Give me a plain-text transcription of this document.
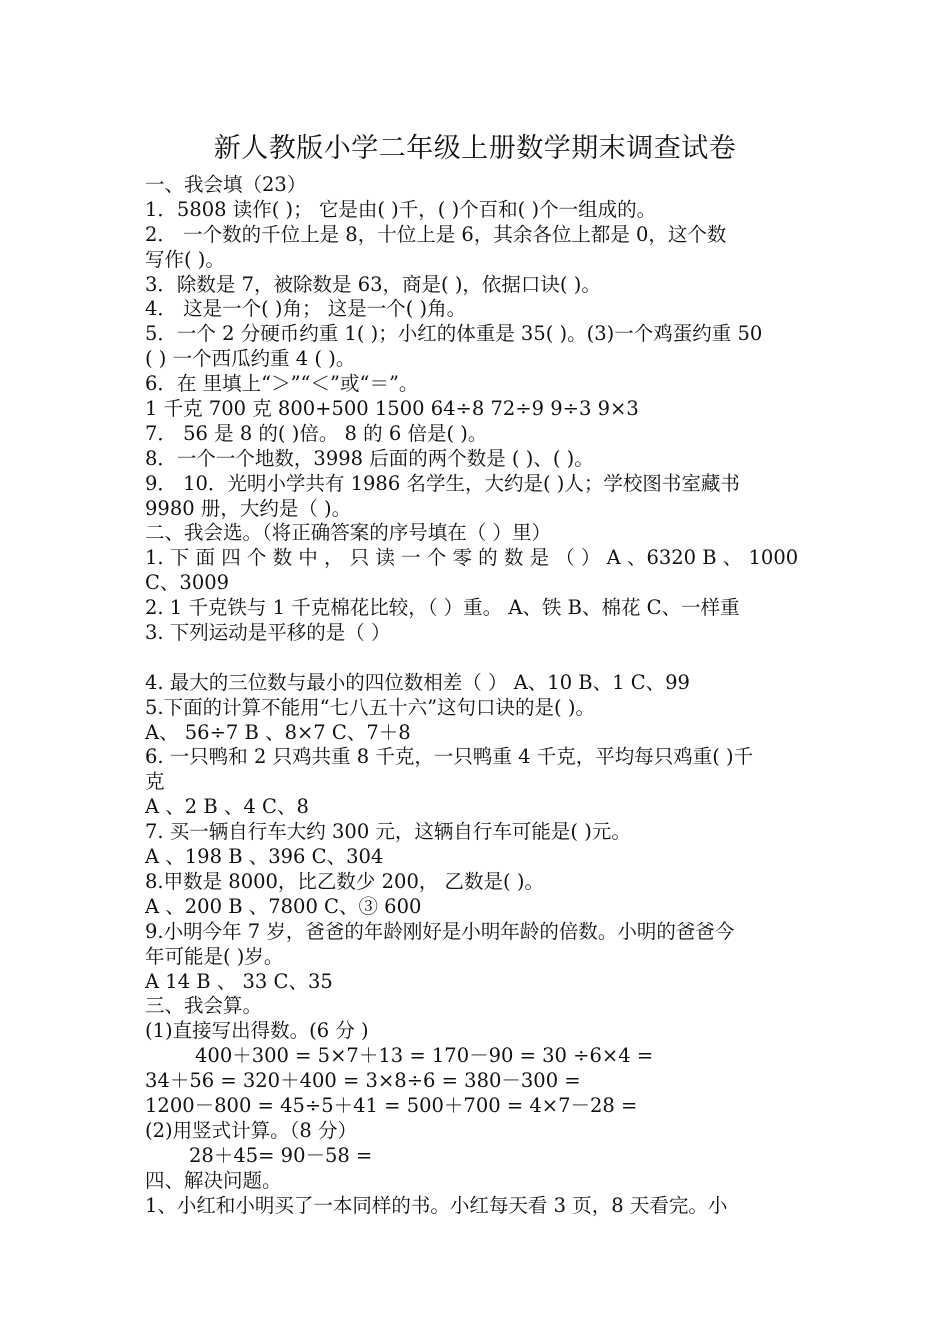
新人教版小学二年级上册数学期末调查试卷
一、我会填（23）
1．5808 读作( )； 它是由( )千，( )个百和( )个一组成的。
2． 一个数的千位上是 8，十位上是 6，其余各位上都是 0，这个数
写作( )。
3．除数是 7，被除数是 63，商是( )，依据口诀( )。
4． 这是一个( )角； 这是一个( )角。
5．一个 2 分硬币约重 1( )；小红的体重是 35( )。(3)一个鸡蛋约重 50
( ) 一个西瓜约重 4 ( )。
6．在 里填上“＞”“＜”或“＝”。
1 千克 700 克 800+500 1500 64÷8 72÷9 9÷3 9×3
7． 56 是 8 的( )倍。 8 的 6 倍是( )。
8．一个一个地数，3998 后面的两个数是 ( )、( )。
9． 10．光明小学共有 1986 名学生，大约是( )人；学校图书室藏书
9980 册，大约是（ )。
二、我会选。（将正确答案的序号填在（ ）里）
1. 下 面 四 个 数 中 ， 只 读 一 个 零 的 数 是 （ ） A 、6320 B 、 1000
C、3009
2. 1 千克铁与 1 千克棉花比较，（ ）重。 A、铁 B、棉花 C、一样重
3. 下列运动是平移的是（ ）
4. 最大的三位数与最小的四位数相差（ ） A、10 B、1 C、99
5.下面的计算不能用“七八五十六”这句口诀的是( )。
A、 56÷7 B 、8×7 C、7＋8
6. 一只鸭和 2 只鸡共重 8 千克，一只鸭重 4 千克，平均每只鸡重( )千
克
A 、2 B 、4 C、8
7. 买一辆自行车大约 300 元，这辆自行车可能是( )元。
A 、198 B 、396 C、304
8.甲数是 8000，比乙数少 200， 乙数是( )。
A 、200 B 、7800 C、③ 600
9.小明今年 7 岁，爸爸的年龄刚好是小明年龄的倍数。小明的爸爸今
年可能是( )岁。
A 14 B 、 33 C、35
三、我会算。
(1)直接写出得数。(6 分 )
400＋300 = 5×7＋13 = 170－90 = 30 ÷6×4 =
34＋56 = 320＋400 = 3×8÷6 = 380－300 =
1200－800 = 45÷5＋41 = 500＋700 = 4×7－28 =
(2)用竖式计算。（8 分）
28＋45= 90－58 =
四、解决问题。
1、小红和小明买了一本同样的书。小红每天看 3 页，8 天看完。小
